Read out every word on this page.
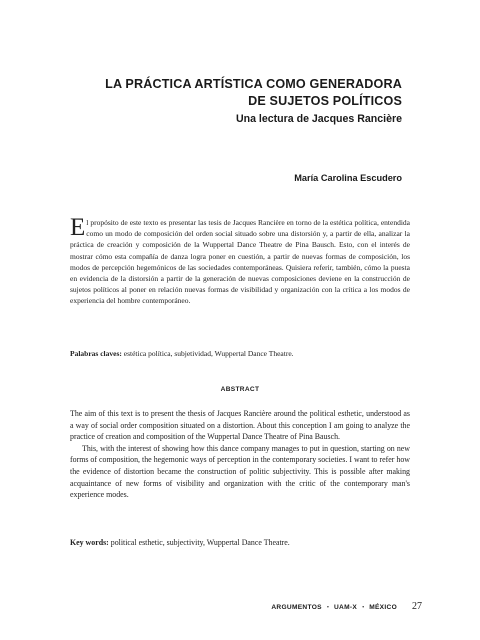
LA PRÁCTICA ARTÍSTICA COMO GENERADORA
DE SUJETOS POLÍTICOS
Una lectura de Jacques Rancière
María Carolina Escudero

El propósito de este texto es presentar las tesis de Jacques Rancière en torno de la estética política, entendida como un modo de composición del orden social situado sobre una distorsión y, a partir de ella, analizar la práctica de creación y composición de la Wuppertal Dance Theatre de Pina Bausch. Esto, con el interés de mostrar cómo esta compañía de danza logra poner en cuestión, a partir de nuevas formas de composición, los modos de percepción hegemónicos de las sociedades contemporáneas. Quisiera referir, también, cómo la puesta en evidencia de la distorsión a partir de la generación de nuevas composiciones deviene en la construcción de sujetos políticos al poner en relación nuevas formas de visibilidad y organización con la crítica a los modos de experiencia del hombre contemporáneo.

Palabras claves: estética política, subjetividad, Wuppertal Dance Theatre.

ABSTRACT

The aim of this text is to present the thesis of Jacques Rancière around the political esthetic, understood as a way of social order composition situated on a distortion. About this conception I am going to analyze the practice of creation and composition of the Wuppertal Dance Theatre of Pina Bausch.

This, with the interest of showing how this dance company manages to put in question, starting on new forms of composition, the hegemonic ways of perception in the contemporary societies. I want to refer how the evidence of distortion became the construction of politic subjectivity. This is possible after making acquaintance of new forms of visibility and organization with the critic of the contemporary man's experience modes.

Key words: political esthetic, subjectivity, Wuppertal Dance Theatre.

ARGUMENTOS • UAM-X • MÉXICO 27
